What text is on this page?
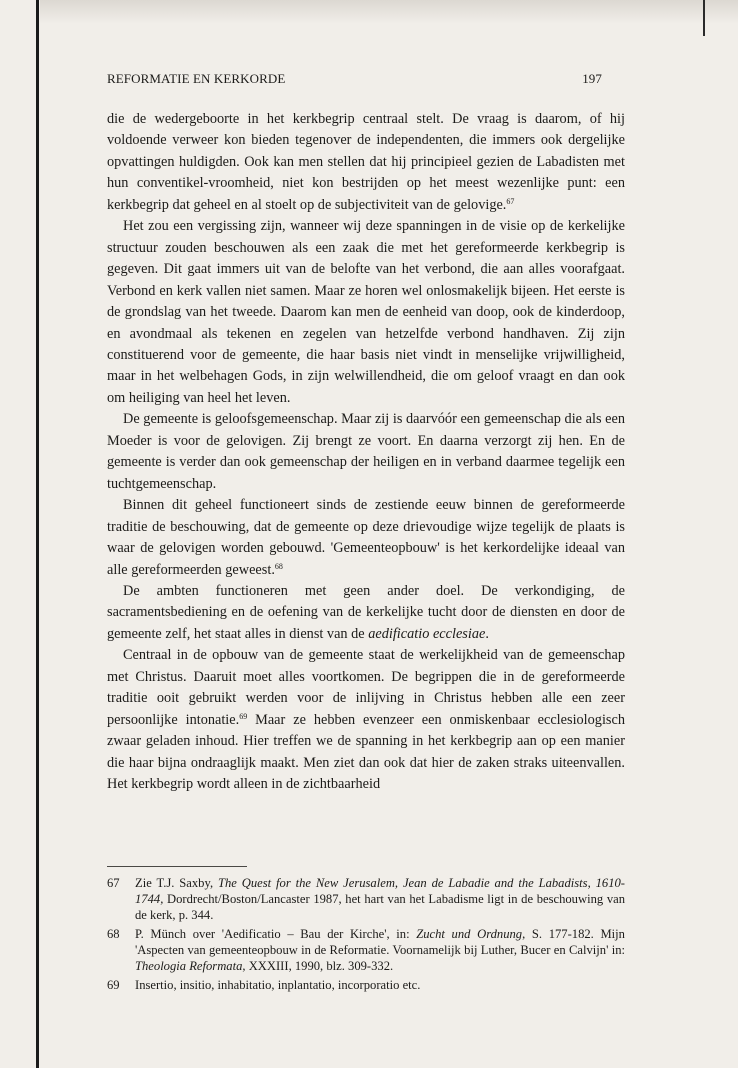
REFORMATIE EN KERKORDE	197

die de wedergeboorte in het kerkbegrip centraal stelt. De vraag is daarom, of hij voldoende verweer kon bieden tegenover de independenten, die immers ook dergelijke opvattingen huldigden. Ook kan men stellen dat hij principieel gezien de Labadisten met hun conventikel-vroomheid, niet kon bestrijden op het meest wezenlijke punt: een kerkbegrip dat geheel en al stoelt op de subjectiviteit van de gelovige.$^{67}$

Het zou een vergissing zijn, wanneer wij deze spanningen in de visie op de kerkelijke structuur zouden beschouwen als een zaak die met het gereformeerde kerkbegrip is gegeven. Dit gaat immers uit van de belofte van het verbond, die aan alles voorafgaat. Verbond en kerk vallen niet samen. Maar ze horen wel onlosmakelijk bijeen. Het eerste is de grondslag van het tweede. Daarom kan men de eenheid van doop, ook de kinderdoop, en avondmaal als tekenen en zegelen van hetzelfde verbond handhaven. Zij zijn constituerend voor de gemeente, die haar basis niet vindt in menselijke vrijwilligheid, maar in het welbehagen Gods, in zijn welwillendheid, die om geloof vraagt en dan ook om heiliging van heel het leven.

De gemeente is geloofsgemeenschap. Maar zij is daarvóór een gemeenschap die als een Moeder is voor de gelovigen. Zij brengt ze voort. En daarna verzorgt zij hen. En de gemeente is verder dan ook gemeenschap der heiligen en in verband daarmee tegelijk een tuchtgemeenschap.

Binnen dit geheel functioneert sinds de zestiende eeuw binnen de gereformeerde traditie de beschouwing, dat de gemeente op deze drievoudige wijze tegelijk de plaats is waar de gelovigen worden gebouwd. 'Gemeenteopbouw' is het kerkordelijke ideaal van alle gereformeerden geweest.$^{68}$

De ambten functioneren met geen ander doel. De verkondiging, de sacramentsbediening en de oefening van de kerkelijke tucht door de diensten en door de gemeente zelf, het staat alles in dienst van de aedificatio ecclesiae.

Centraal in de opbouw van de gemeente staat de werkelijkheid van de gemeenschap met Christus. Daaruit moet alles voortkomen. De begrippen die in de gereformeerde traditie ooit gebruikt werden voor de inlijving in Christus hebben alle een zeer persoonlijke intonatie.$^{69}$ Maar ze hebben evenzeer een onmiskenbaar ecclesiologisch zwaar geladen inhoud. Hier treffen we de spanning in het kerkbegrip aan op een manier die haar bijna ondraaglijk maakt. Men ziet dan ook dat hier de zaken straks uiteenvallen. Het kerkbegrip wordt alleen in de zichtbaarheid

67 Zie T.J. Saxby, The Quest for the New Jerusalem, Jean de Labadie and the Labadists, 1610-1744, Dordrecht/Boston/Lancaster 1987, het hart van het Labadisme ligt in de beschouwing van de kerk, p. 344.
68 P. Münch over 'Aedificatio – Bau der Kirche', in: Zucht und Ordnung, S. 177-182. Mijn 'Aspecten van gemeenteopbouw in de Reformatie. Voornamelijk bij Luther, Bucer en Calvijn' in: Theologia Reformata, XXXIII, 1990, blz. 309-332.
69 Insertio, insitio, inhabitatio, inplantatio, incorporatio etc.
